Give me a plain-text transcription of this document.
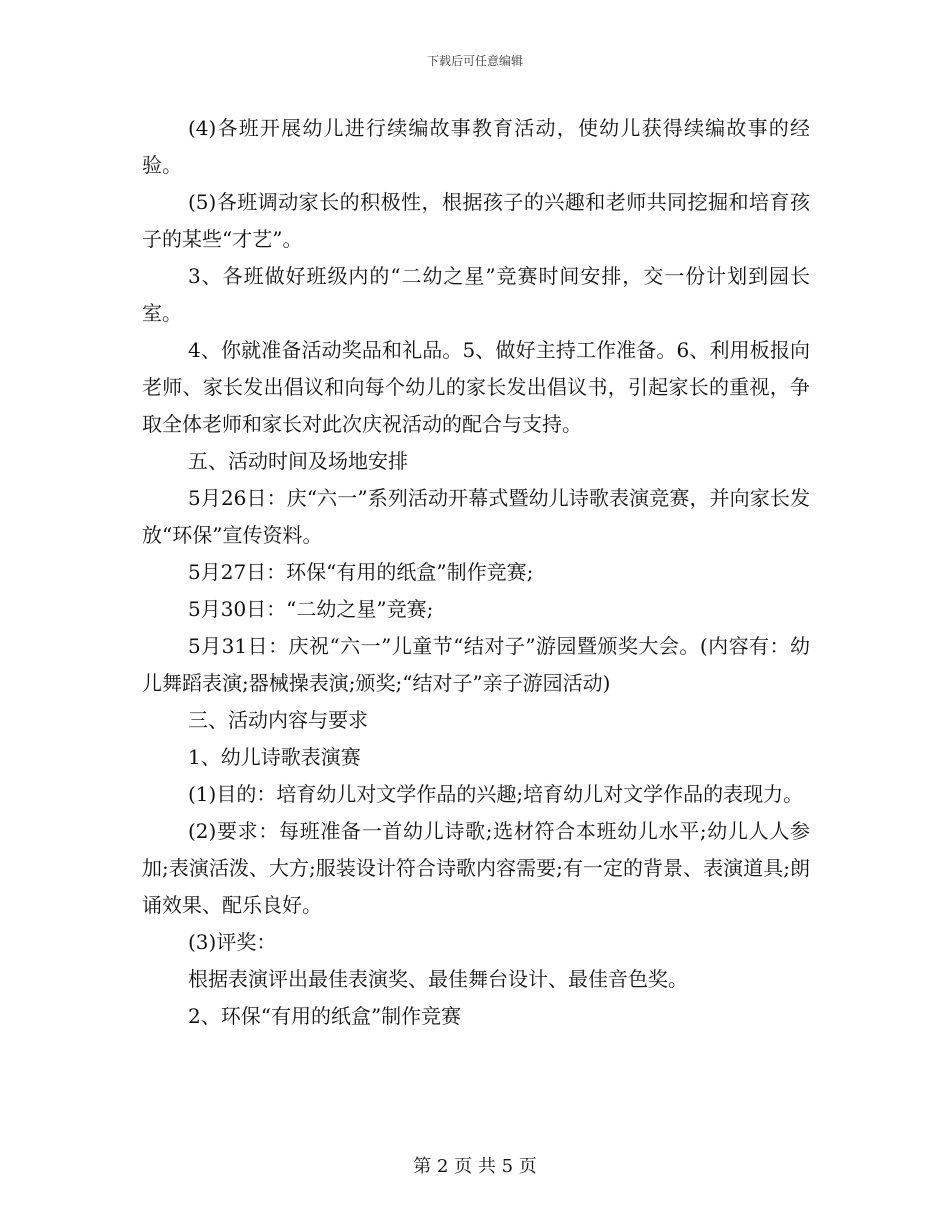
下载后可任意编辑

(4)各班开展幼儿进行续编故事教育活动，使幼儿获得续编故事的经验。

(5)各班调动家长的积极性，根据孩子的兴趣和老师共同挖掘和培育孩子的某些“才艺”。

3、各班做好班级内的“二幼之星”竞赛时间安排，交一份计划到园长室。

4、你就准备活动奖品和礼品。5、做好主持工作准备。6、利用板报向老师、家长发出倡议和向每个幼儿的家长发出倡议书，引起家长的重视，争取全体老师和家长对此次庆祝活动的配合与支持。

五、活动时间及场地安排

5月26日：庆“六一”系列活动开幕式暨幼儿诗歌表演竞赛，并向家长发放“环保”宣传资料。

5月27日：环保“有用的纸盒”制作竞赛;

5月30日：“二幼之星”竞赛;

5月31日：庆祝“六一”儿童节“结对子”游园暨颁奖大会。(内容有：幼儿舞蹈表演;器械操表演;颁奖;“结对子”亲子游园活动)

三、活动内容与要求

1、幼儿诗歌表演赛

(1)目的：培育幼儿对文学作品的兴趣;培育幼儿对文学作品的表现力。

(2)要求：每班准备一首幼儿诗歌;选材符合本班幼儿水平;幼儿人人参加;表演活泼、大方;服装设计符合诗歌内容需要;有一定的背景、表演道具;朗诵效果、配乐良好。

(3)评奖：

根据表演评出最佳表演奖、最佳舞台设计、最佳音色奖。

2、环保“有用的纸盒”制作竞赛

第 2 页 共 5 页
